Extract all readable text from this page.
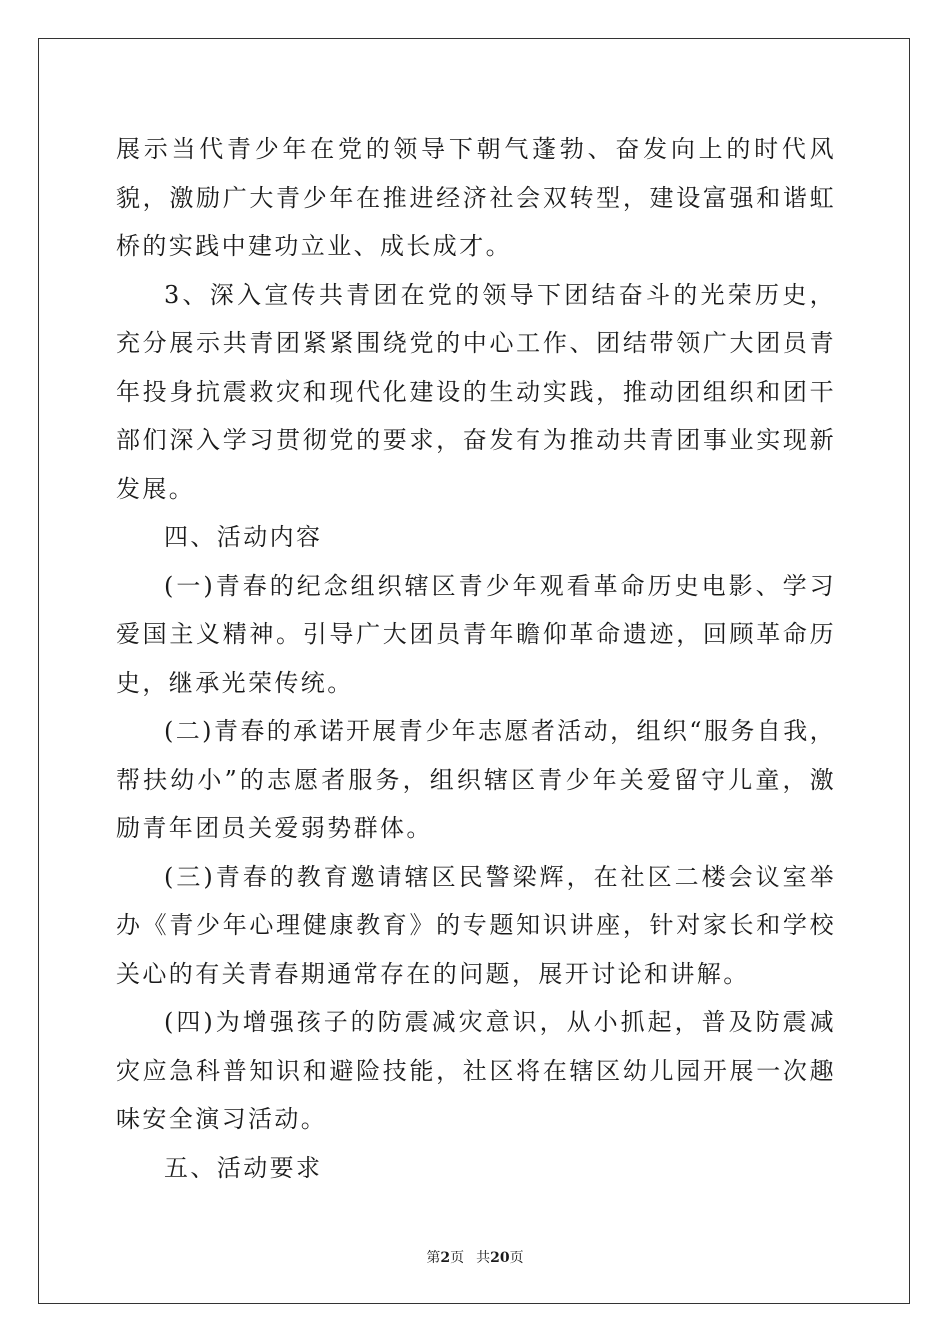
展示当代青少年在党的领导下朝气蓬勃、奋发向上的时代风貌，激励广大青少年在推进经济社会双转型，建设富强和谐虹桥的实践中建功立业、成长成才。

3、深入宣传共青团在党的领导下团结奋斗的光荣历史，充分展示共青团紧紧围绕党的中心工作、团结带领广大团员青年投身抗震救灾和现代化建设的生动实践，推动团组织和团干部们深入学习贯彻党的要求，奋发有为推动共青团事业实现新发展。

四、活动内容

(一)青春的纪念组织辖区青少年观看革命历史电影、学习爱国主义精神。引导广大团员青年瞻仰革命遗迹，回顾革命历史，继承光荣传统。

(二)青春的承诺开展青少年志愿者活动，组织“服务自我，帮扶幼小”的志愿者服务，组织辖区青少年关爱留守儿童，激励青年团员关爱弱势群体。

(三)青春的教育邀请辖区民警梁辉，在社区二楼会议室举办《青少年心理健康教育》的专题知识讲座，针对家长和学校关心的有关青春期通常存在的问题，展开讨论和讲解。

(四)为增强孩子的防震减灾意识，从小抓起，普及防震减灾应急科普知识和避险技能，社区将在辖区幼儿园开展一次趣味安全演习活动。

五、活动要求

第2页 共20页
